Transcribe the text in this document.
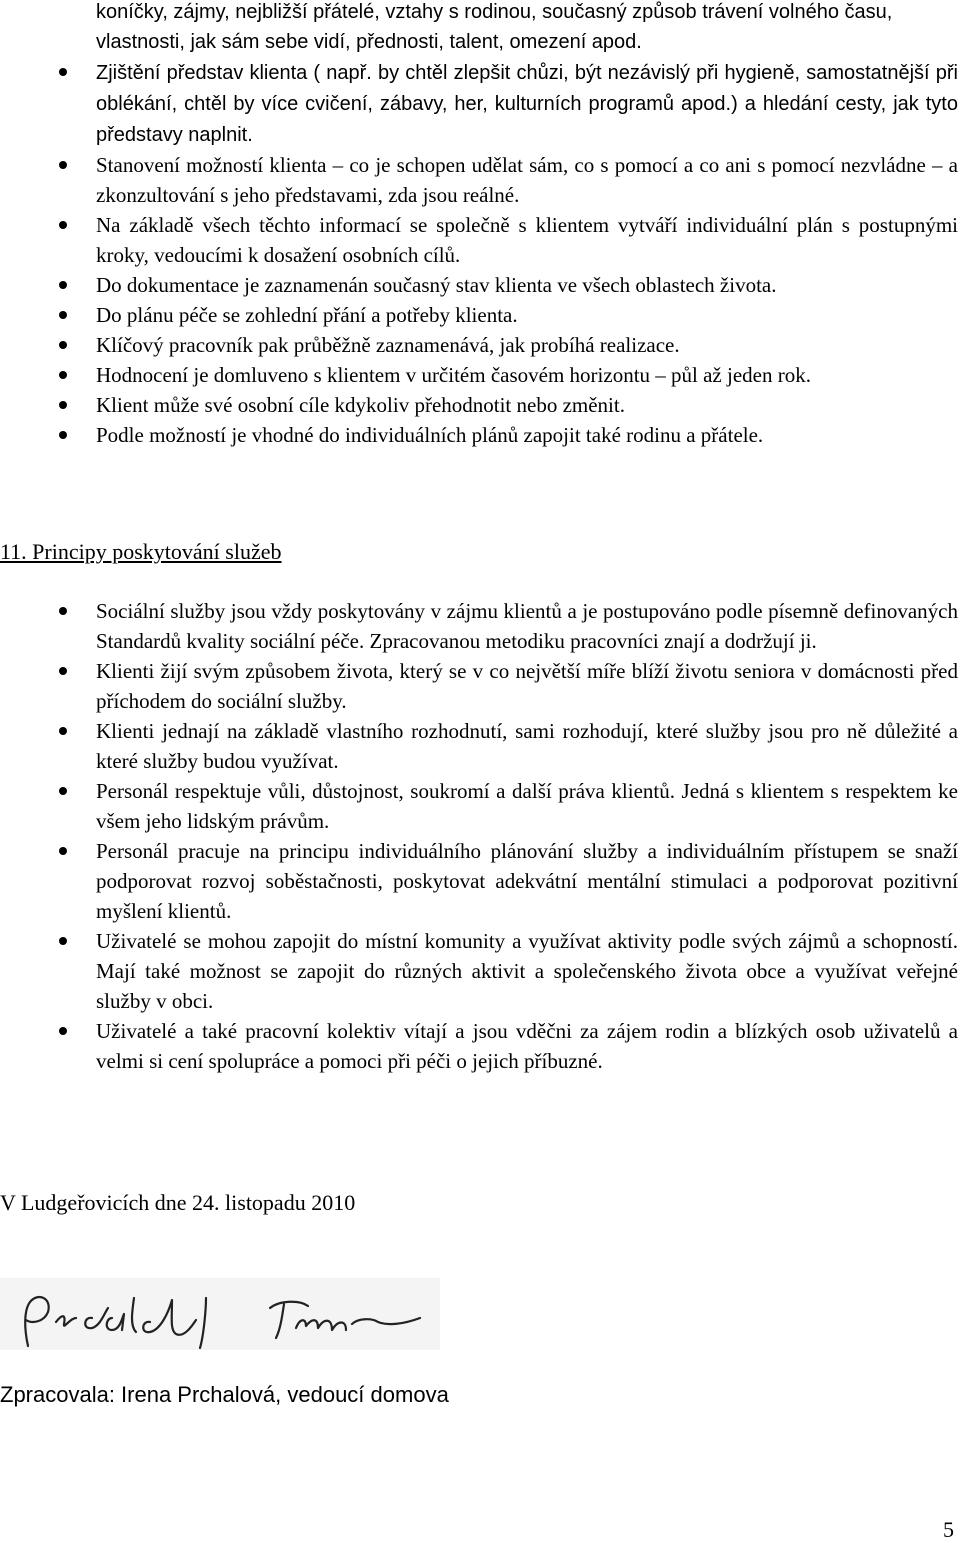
koníčky, zájmy, nejbližší přátelé, vztahy s rodinou, současný způsob trávení volného času, vlastnosti, jak sám sebe vidí, přednosti, talent, omezení apod.
Zjištění představ klienta ( např. by chtěl zlepšit chůzi, být nezávislý při hygieně, samostatnější při oblékání, chtěl by více cvičení, zábavy, her, kulturních programů apod.) a hledání cesty, jak tyto představy naplnit.
Stanovení možností klienta – co je schopen udělat sám, co s pomocí a co ani s pomocí nezvládne – a zkonzultování s jeho představami, zda jsou reálné.
Na základě všech těchto informací se společně s klientem vytváří individuální plán s postupnými kroky, vedoucími k dosažení osobních cílů.
Do dokumentace je zaznamenán současný stav klienta ve všech oblastech života.
Do plánu péče se zohlední přání a potřeby klienta.
Klíčový pracovník pak průběžně zaznamenává, jak probíhá realizace.
Hodnocení je domluveno s klientem v určitém časovém horizontu – půl až jeden rok.
Klient může své osobní cíle kdykoliv přehodnotit nebo změnit.
Podle možností je vhodné do individuálních plánů zapojit také rodinu a přátele.
11. Principy poskytování služeb
Sociální služby jsou vždy poskytovány v zájmu klientů a je postupováno podle písemně definovaných Standardů kvality sociální péče. Zpracovanou metodiku pracovníci znají a dodržují ji.
Klienti žijí svým způsobem života, který se v co největší míře blíží životu seniora v domácnosti před příchodem do sociální služby.
Klienti jednají na základě vlastního rozhodnutí, sami rozhodují, které služby jsou pro ně důležité a které služby budou využívat.
Personál respektuje vůli, důstojnost, soukromí a další práva klientů. Jedná s klientem s respektem ke všem jeho lidským právům.
Personál pracuje na principu individuálního plánování služby a individuálním přístupem se snaží podporovat rozvoj soběstačnosti, poskytovat adekvátní mentální stimulaci a podporovat pozitivní myšlení klientů.
Uživatelé se mohou zapojit do místní komunity a využívat aktivity podle svých zájmů a schopností. Mají také možnost se zapojit do různých aktivit a společenského života obce a využívat veřejné služby v obci.
Uživatelé a také pracovní kolektiv vítají a jsou vděčni za zájem rodin a blízkých osob uživatelů a velmi si cení spolupráce a pomoci při péči o jejich příbuzné.
V Ludgeřovicích dne 24. listopadu 2010
Zpracovala: Irena Prchalová, vedoucí domova
5
